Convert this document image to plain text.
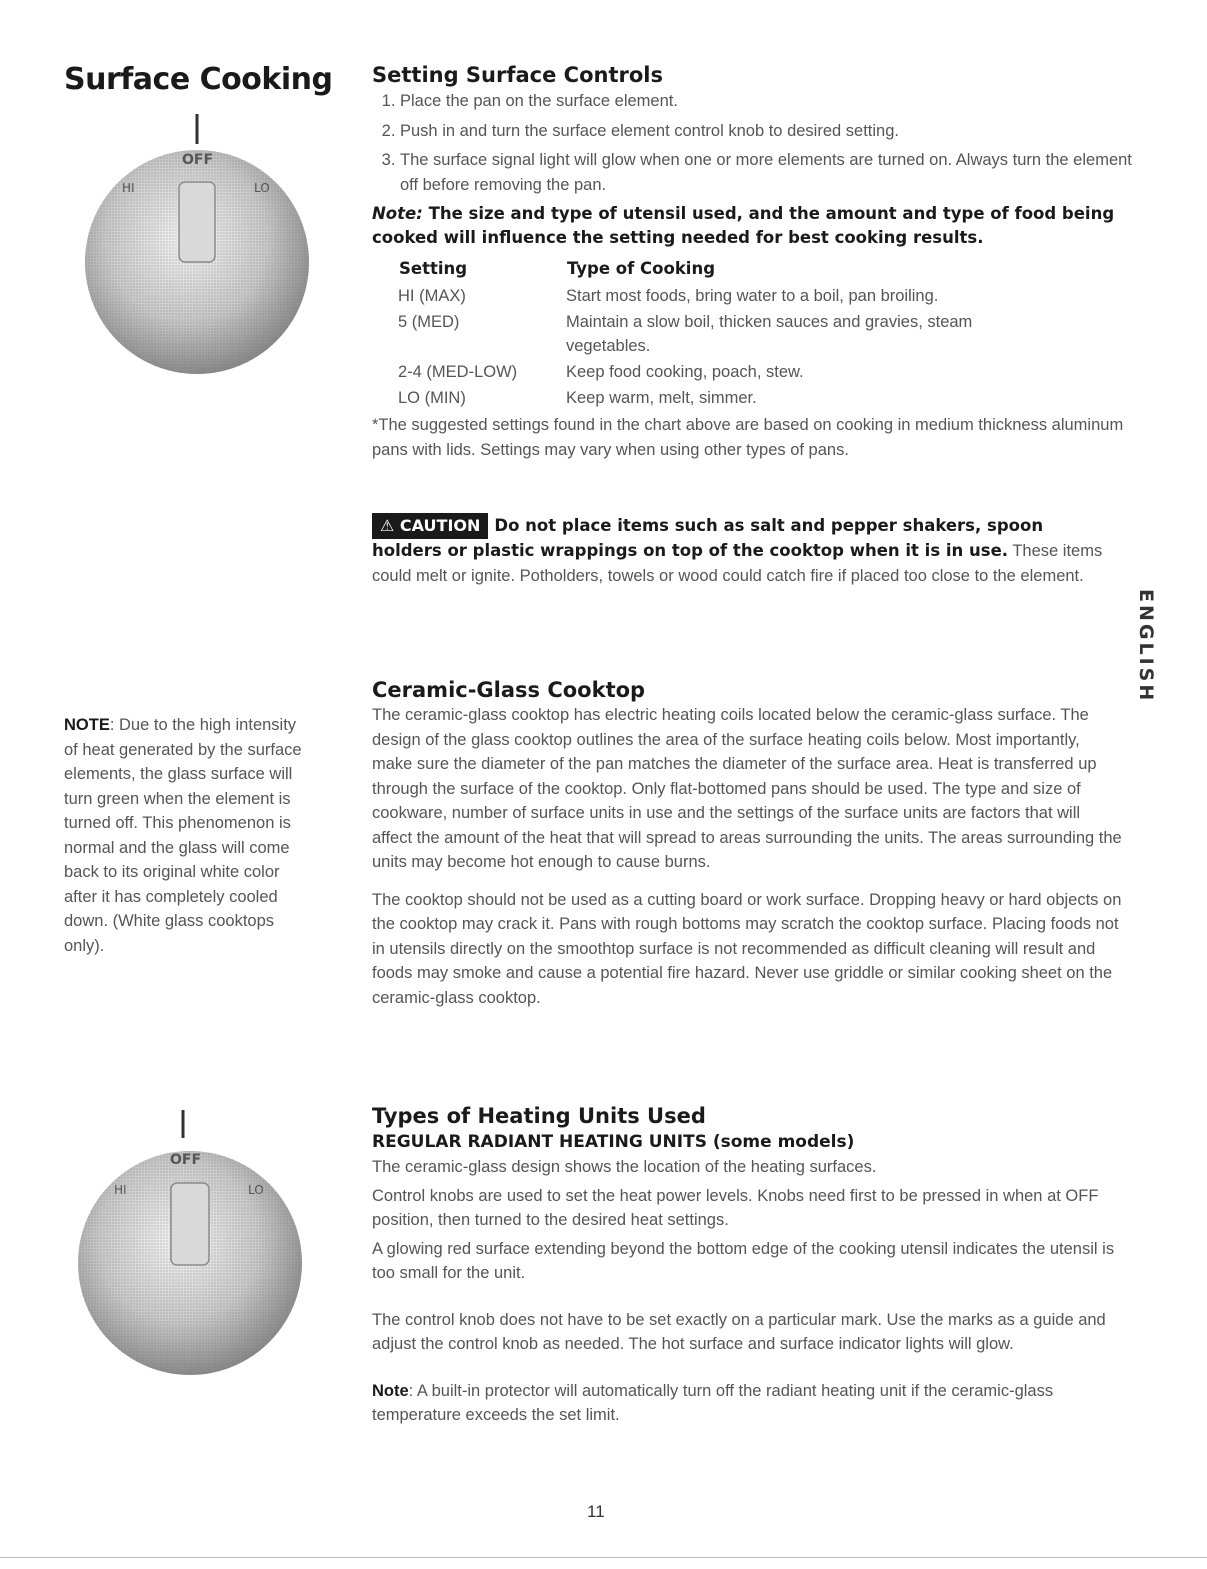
Surface Cooking
OFF
HI	LO
NOTE: Due to the high intensity of heat generated by the surface elements, the glass surface will turn green when the element is turned off. This phenomenon is normal and the glass will come back to its original white color after it has completely cooled down. (White glass cooktops only).
OFF
HI	LO
Setting Surface Controls
1. Place the pan on the surface element.
2. Push in and turn the surface element control knob to desired setting.
3. The surface signal light will glow when one or more elements are turned on. Always turn the element off before removing the pan.
Note: The size and type of utensil used, and the amount and type of food being cooked will influence the setting needed for best cooking results.
Setting	Type of Cooking
HI (MAX)	Start most foods, bring water to a boil, pan broiling.
5 (MED)	Maintain a slow boil, thicken sauces and gravies, steam vegetables.
2-4 (MED-LOW)	Keep food cooking, poach, stew.
LO (MIN)	Keep warm, melt, simmer.
*The suggested settings found in the chart above are based on cooking in medium thickness aluminum pans with lids. Settings may vary when using other types of pans.
⚠ CAUTION Do not place items such as salt and pepper shakers, spoon holders or plastic wrappings on top of the cooktop when it is in use. These items could melt or ignite. Potholders, towels or wood could catch fire if placed too close to the element.
ENGLISH
Ceramic-Glass Cooktop

The ceramic-glass cooktop has electric heating coils located below the ceramic-glass surface. The design of the glass cooktop outlines the area of the surface heating coils below. Most importantly, make sure the diameter of the pan matches the diameter of the surface area. Heat is transferred up through the surface of the cooktop. Only flat-bottomed pans should be used. The type and size of cookware, number of surface units in use and the settings of the surface units are factors that will affect the amount of the heat that will spread to areas surrounding the units. The areas surrounding the units may become hot enough to cause burns.

The cooktop should not be used as a cutting board or work surface. Dropping heavy or hard objects on the cooktop may crack it. Pans with rough bottoms may scratch the cooktop surface. Placing foods not in utensils directly on the smoothtop surface is not recommended as difficult cleaning will result and foods may smoke and cause a potential fire hazard. Never use griddle or similar cooking sheet on the ceramic-glass cooktop.

Types of Heating Units Used
REGULAR RADIANT HEATING UNITS (some models)

The ceramic-glass design shows the location of the heating surfaces.

Control knobs are used to set the heat power levels. Knobs need first to be pressed in when at OFF position, then turned to the desired heat settings.

A glowing red surface extending beyond the bottom edge of the cooking utensil indicates the utensil is too small for the unit.

The control knob does not have to be set exactly on a particular mark. Use the marks as a guide and adjust the control knob as needed. The hot surface and surface indicator lights will glow.

Note: A built-in protector will automatically turn off the radiant heating unit if the ceramic-glass temperature exceeds the set limit.

11
